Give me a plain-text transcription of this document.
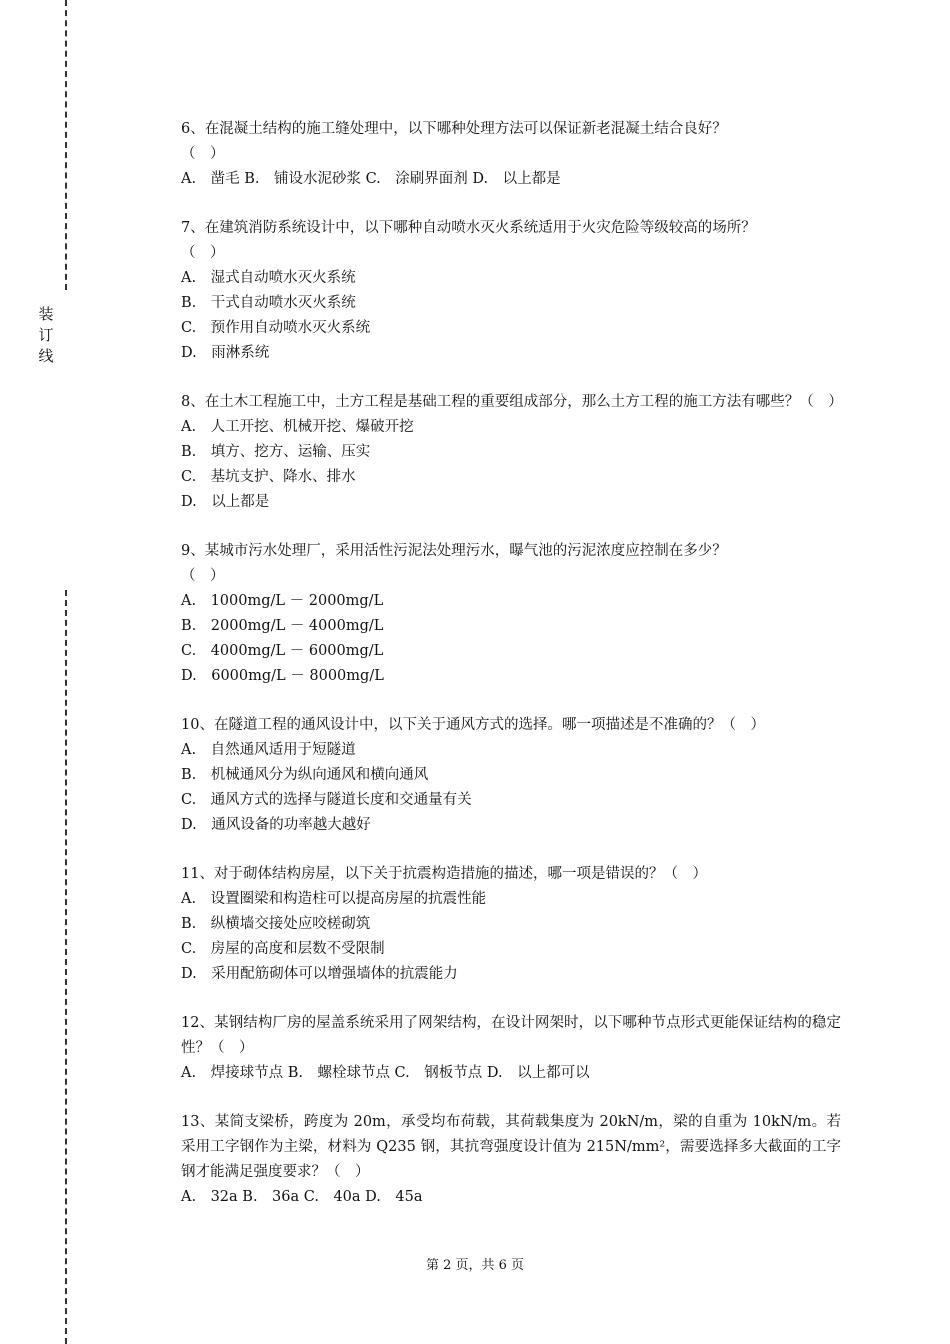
装
订
线

6、在混凝土结构的施工缝处理中，以下哪种处理方法可以保证新老混凝土结合良好？

（　）

A.　凿毛 B.　铺设水泥砂浆 C.　涂刷界面剂 D.　以上都是

7、在建筑消防系统设计中，以下哪种自动喷水灭火系统适用于火灾危险等级较高的场所？

（　）

A.　湿式自动喷水灭火系统

B.　干式自动喷水灭火系统

C.　预作用自动喷水灭火系统

D.　雨淋系统

8、在土木工程施工中，土方工程是基础工程的重要组成部分，那么土方工程的施工方法有哪些？（　）

A.　人工开挖、机械开挖、爆破开挖

B.　填方、挖方、运输、压实

C.　基坑支护、降水、排水

D.　以上都是

9、某城市污水处理厂，采用活性污泥法处理污水，曝气池的污泥浓度应控制在多少？

（　）

A.　1000mg/L － 2000mg/L

B.　2000mg/L － 4000mg/L

C.　4000mg/L － 6000mg/L

D.　6000mg/L － 8000mg/L

10、在隧道工程的通风设计中，以下关于通风方式的选择。哪一项描述是不准确的？（　）

A.　自然通风适用于短隧道

B.　机械通风分为纵向通风和横向通风

C.　通风方式的选择与隧道长度和交通量有关

D.　通风设备的功率越大越好

11、对于砌体结构房屋，以下关于抗震构造措施的描述，哪一项是错误的？（　）

A.　设置圈梁和构造柱可以提高房屋的抗震性能

B.　纵横墙交接处应咬槎砌筑

C.　房屋的高度和层数不受限制

D.　采用配筋砌体可以增强墙体的抗震能力

12、某钢结构厂房的屋盖系统采用了网架结构，在设计网架时，以下哪种节点形式更能保证结构的稳定性？（　）

A.　焊接球节点 B.　螺栓球节点 C.　钢板节点 D.　以上都可以

13、某简支梁桥，跨度为 20m，承受均布荷载，其荷载集度为 20kN/m，梁的自重为 10kN/m。若采用工字钢作为主梁，材料为 Q235 钢，其抗弯强度设计值为 215N/mm²，需要选择多大截面的工字钢才能满足强度要求？（　）

A.　32a B.　36a C.　40a D.　45a

第 2 页，共 6 页
